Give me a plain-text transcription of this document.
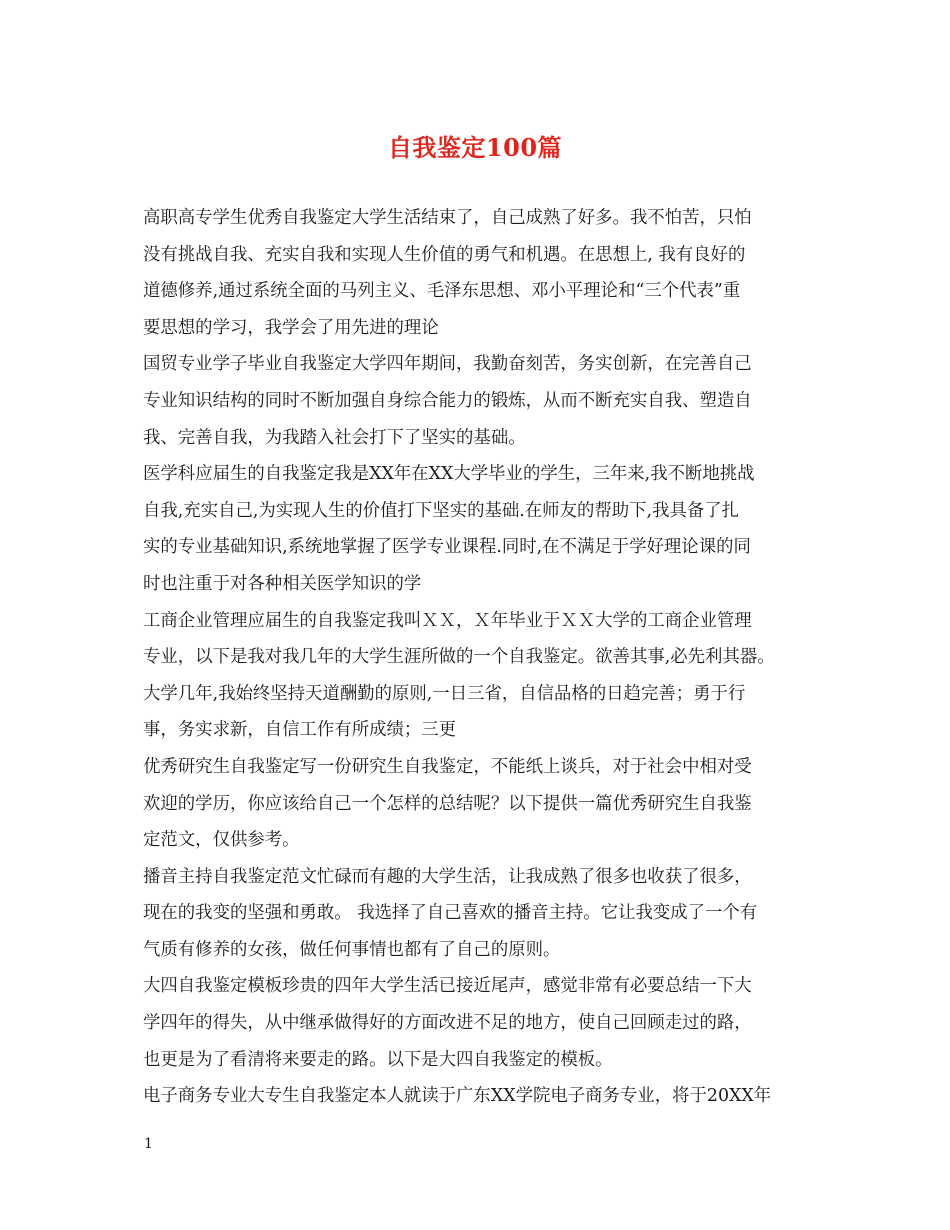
自我鉴定100篇
高职高专学生优秀自我鉴定大学生活结束了，自己成熟了好多。我不怕苦，只怕
没有挑战自我、充实自我和实现人生价值的勇气和机遇。在思想上, 我有良好的
道德修养,通过系统全面的马列主义、毛泽东思想、邓小平理论和“三个代表”重
要思想的学习，我学会了用先进的理论
国贸专业学子毕业自我鉴定大学四年期间，我勤奋刻苦，务实创新，在完善自己
专业知识结构的同时不断加强自身综合能力的锻炼，从而不断充实自我、塑造自
我、完善自我，为我踏入社会打下了坚实的基础。
医学科应届生的自我鉴定我是XX年在XX大学毕业的学生，三年来,我不断地挑战
自我,充实自己,为实现人生的价值打下坚实的基础.在师友的帮助下,我具备了扎
实的专业基础知识,系统地掌握了医学专业课程.同时,在不满足于学好理论课的同
时也注重于对各种相关医学知识的学
工商企业管理应届生的自我鉴定我叫ＸＸ，Ｘ年毕业于ＸＸ大学的工商企业管理
专业，以下是我对我几年的大学生涯所做的一个自我鉴定。欲善其事,必先利其器。
大学几年,我始终坚持天道酬勤的原则,一日三省，自信品格的日趋完善；勇于行
事，务实求新，自信工作有所成绩；三更
优秀研究生自我鉴定写一份研究生自我鉴定，不能纸上谈兵，对于社会中相对受
欢迎的学历，你应该给自己一个怎样的总结呢？以下提供一篇优秀研究生自我鉴
定范文，仅供参考。
播音主持自我鉴定范文忙碌而有趣的大学生活，让我成熟了很多也收获了很多，
现在的我变的坚强和勇敢。 我选择了自己喜欢的播音主持。它让我变成了一个有
气质有修养的女孩，做任何事情也都有了自己的原则。
大四自我鉴定模板珍贵的四年大学生活已接近尾声，感觉非常有必要总结一下大
学四年的得失，从中继承做得好的方面改进不足的地方，使自己回顾走过的路，
也更是为了看清将来要走的路。以下是大四自我鉴定的模板。
电子商务专业大专生自我鉴定本人就读于广东XX学院电子商务专业，将于20XX年
1
